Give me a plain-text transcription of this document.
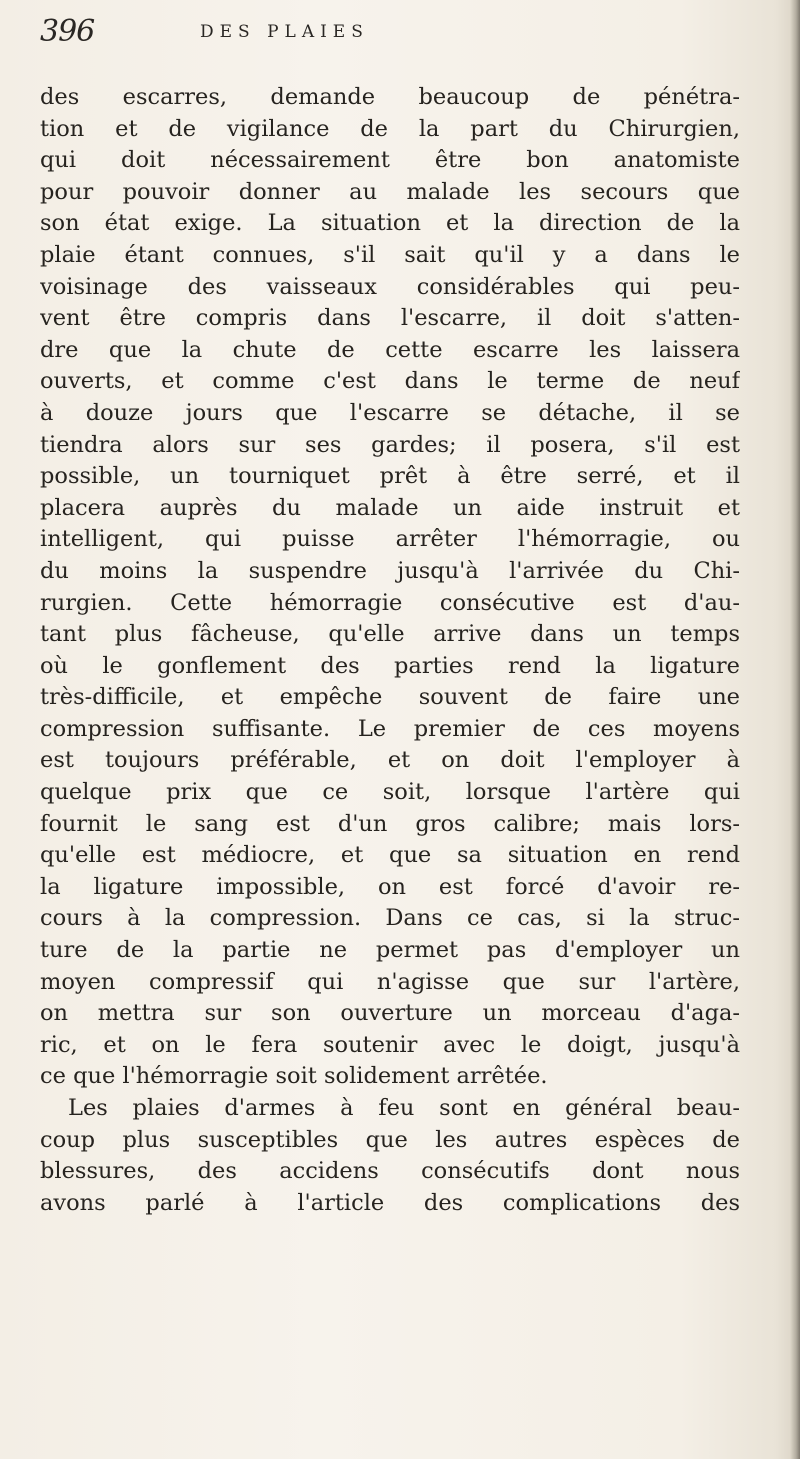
396	DES PLAIES
des escarres, demande beaucoup de pénétra-
tion et de vigilance de la part du Chirurgien,
qui doit nécessairement être bon anatomiste
pour pouvoir donner au malade les secours que
son état exige. La situation et la direction de la
plaie étant connues, s'il sait qu'il y a dans le
voisinage des vaisseaux considérables qui peu-
vent être compris dans l'escarre, il doit s'atten-
dre que la chute de cette escarre les laissera
ouverts, et comme c'est dans le terme de neuf
à douze jours que l'escarre se détache, il se
tiendra alors sur ses gardes; il posera, s'il est
possible, un tourniquet prêt à être serré, et il
placera auprès du malade un aide instruit et
intelligent, qui puisse arrêter l'hémorragie, ou
du moins la suspendre jusqu'à l'arrivée du Chi-
rurgien. Cette hémorragie consécutive est d'au-
tant plus fâcheuse, qu'elle arrive dans un temps
où le gonflement des parties rend la ligature
très-difficile, et empêche souvent de faire une
compression suffisante. Le premier de ces moyens
est toujours préférable, et on doit l'employer à
quelque prix que ce soit, lorsque l'artère qui
fournit le sang est d'un gros calibre; mais lors-
qu'elle est médiocre, et que sa situation en rend
la ligature impossible, on est forcé d'avoir re-
cours à la compression. Dans ce cas, si la struc-
ture de la partie ne permet pas d'employer un
moyen compressif qui n'agisse que sur l'artère,
on mettra sur son ouverture un morceau d'aga-
ric, et on le fera soutenir avec le doigt, jusqu'à
ce que l'hémorragie soit solidement arrêtée.
Les plaies d'armes à feu sont en général beau-
coup plus susceptibles que les autres espèces de
blessures, des accidens consécutifs dont nous
avons parlé à l'article des complications des
